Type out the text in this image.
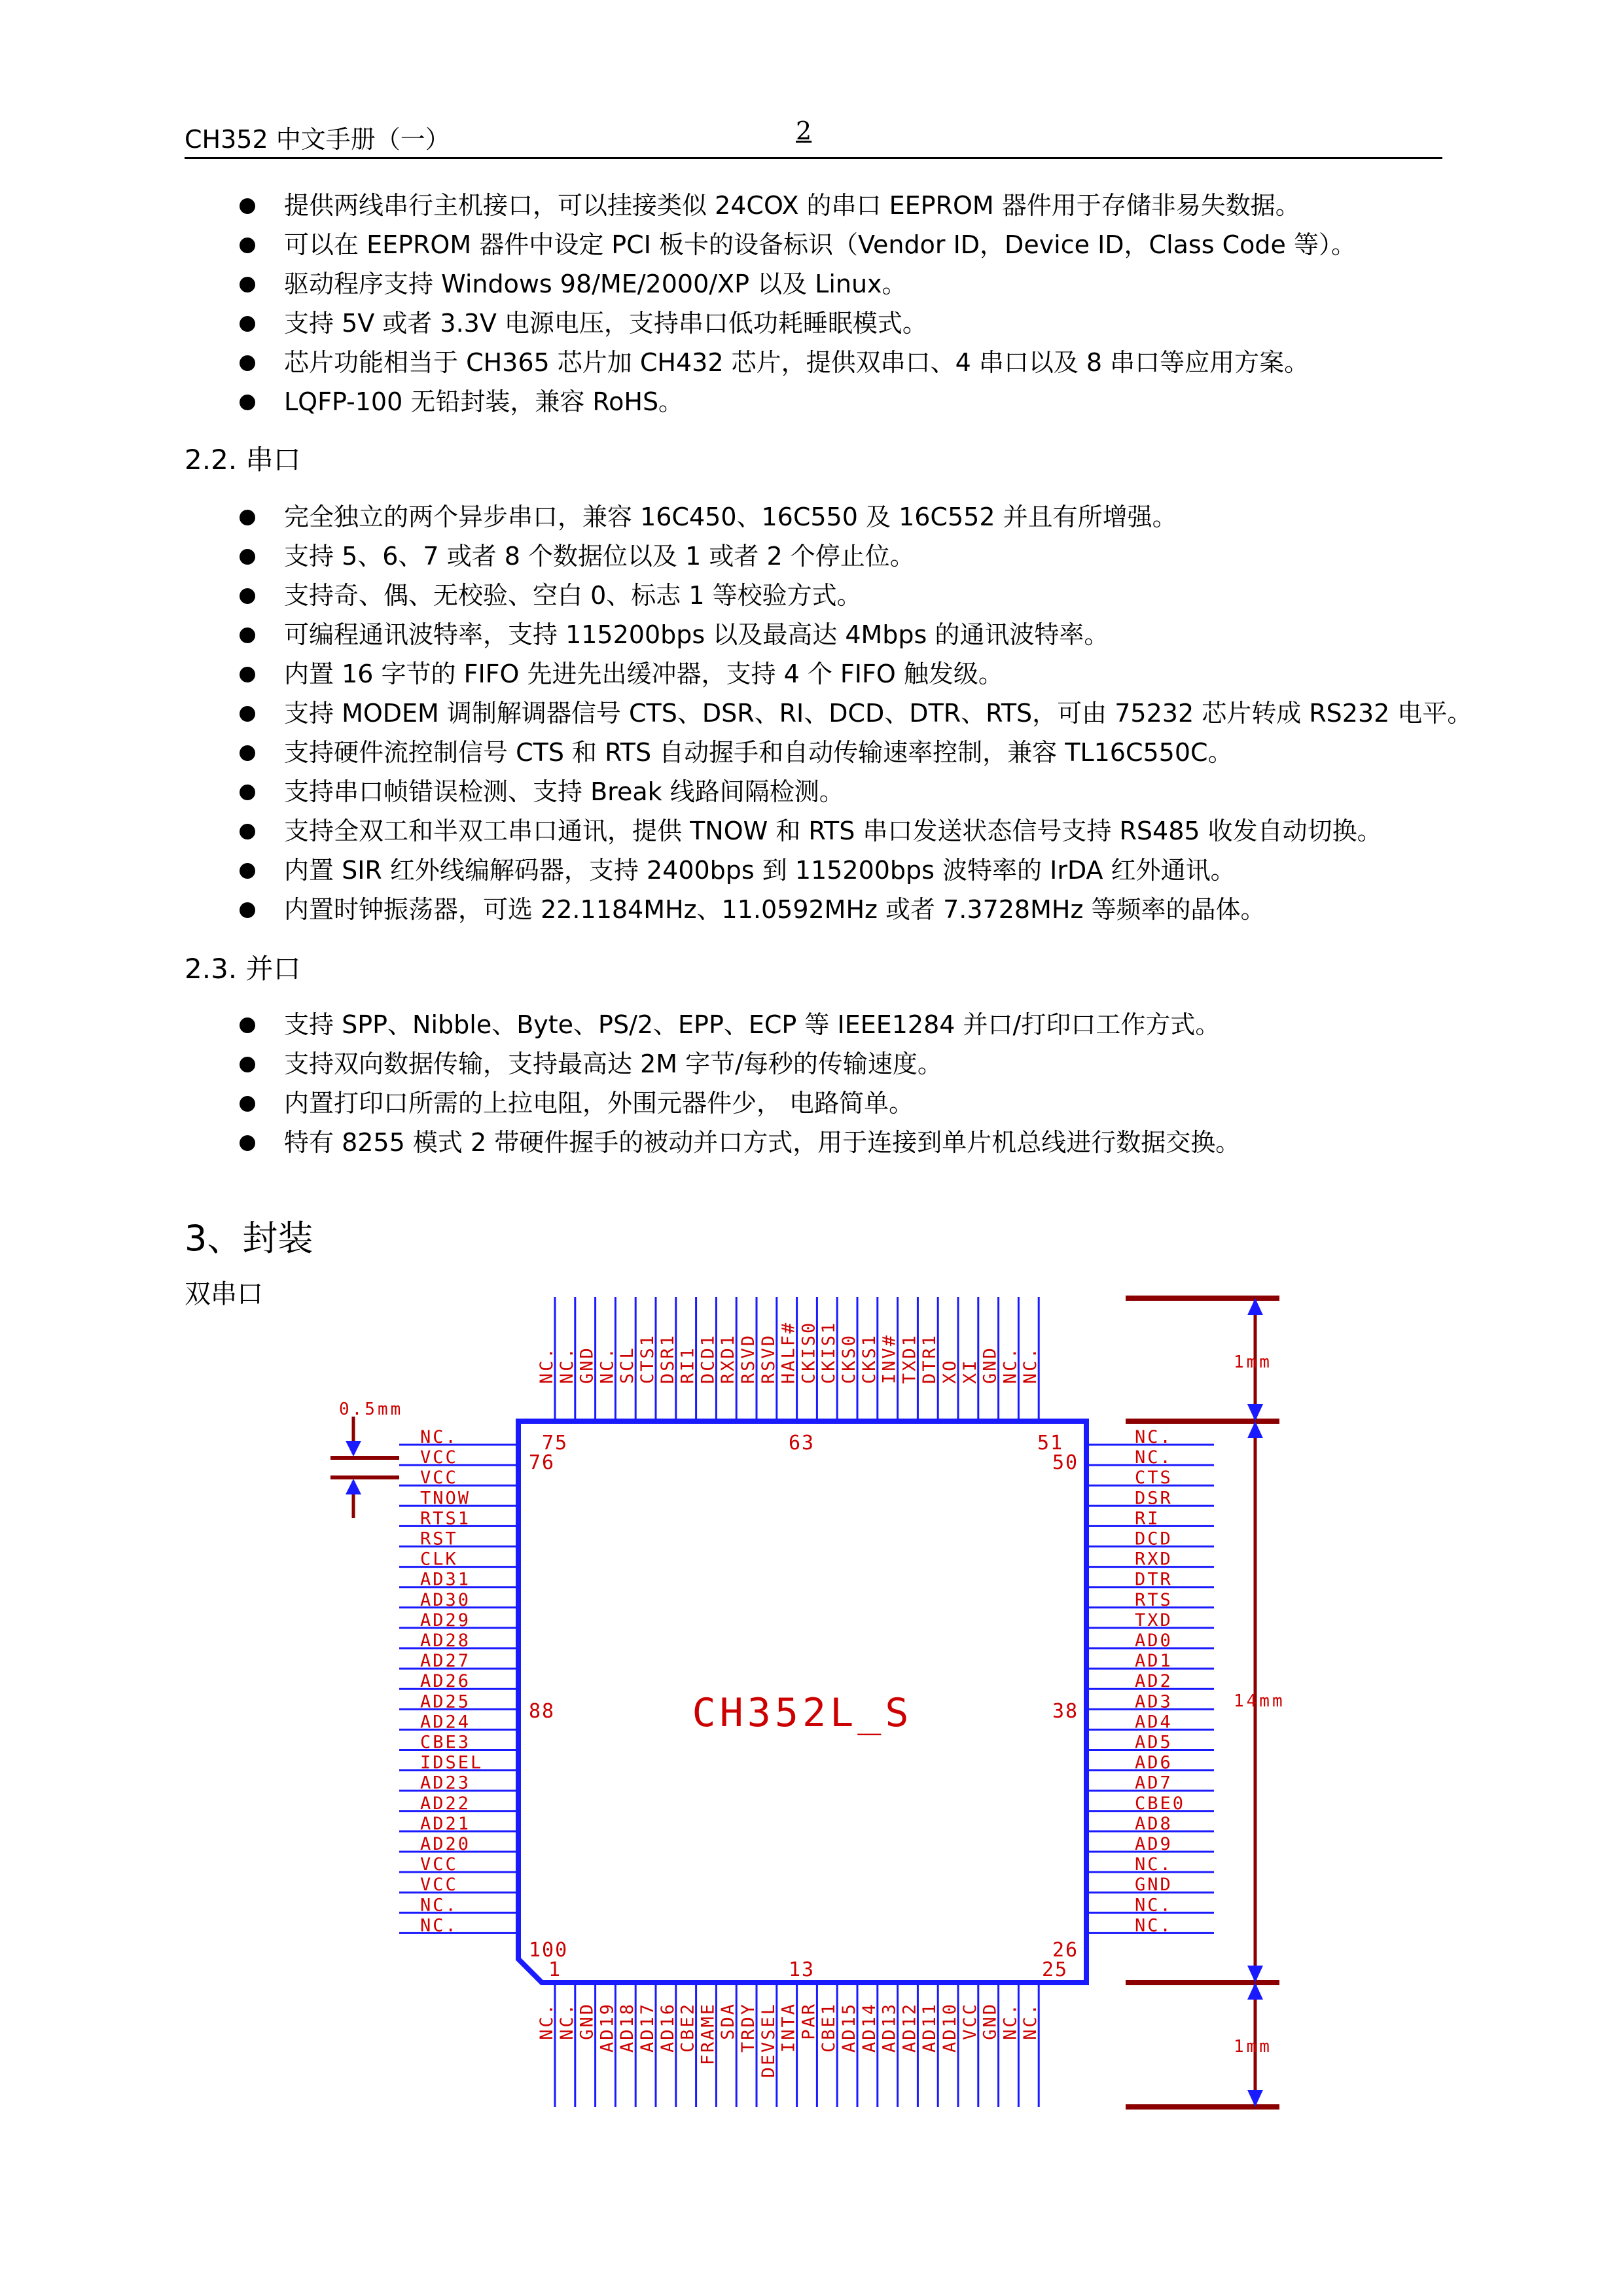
CH352 中文手册（一）	2
提供两线串行主机接口，可以挂接类似 24COX 的串口 EEPROM 器件用于存储非易失数据。
可以在 EEPROM 器件中设定 PCI 板卡的设备标识（Vendor ID，Device ID，Class Code 等）。
驱动程序支持 Windows 98/ME/2000/XP 以及 Linux。
支持 5V 或者 3.3V 电源电压，支持串口低功耗睡眠模式。
芯片功能相当于 CH365 芯片加 CH432 芯片，提供双串口、4 串口以及 8 串口等应用方案。
LQFP-100 无铅封装，兼容 RoHS。
2.2. 串口
完全独立的两个异步串口，兼容 16C450、16C550 及 16C552 并且有所增强。
支持 5、6、7 或者 8 个数据位以及 1 或者 2 个停止位。
支持奇、偶、无校验、空白 0、标志 1 等校验方式。
可编程通讯波特率，支持 115200bps 以及最高达 4Mbps 的通讯波特率。
内置 16 字节的 FIFO 先进先出缓冲器，支持 4 个 FIFO 触发级。
支持 MODEM 调制解调器信号 CTS、DSR、RI、DCD、DTR、RTS，可由 75232 芯片转成 RS232 电平。
支持硬件流控制信号 CTS 和 RTS 自动握手和自动传输速率控制，兼容 TL16C550C。
支持串口帧错误检测、支持 Break 线路间隔检测。
支持全双工和半双工串口通讯，提供 TNOW 和 RTS 串口发送状态信号支持 RS485 收发自动切换。
内置 SIR 红外线编解码器，支持 2400bps 到 115200bps 波特率的 IrDA 红外通讯。
内置时钟振荡器，可选 22.1184MHz、11.0592MHz 或者 7.3728MHz 等频率的晶体。
2.3. 并口
支持 SPP、Nibble、Byte、PS/2、EPP、ECP 等 IEEE1284 并口/打印口工作方式。
支持双向数据传输，支持最高达 2M 字节/每秒的传输速度。
内置打印口所需的上拉电阻，外围元器件少， 电路简单。
特有 8255 模式 2 带硬件握手的被动并口方式，用于连接到单片机总线进行数据交换。
3、封装
双串口
NC.	NC.
VCC	NC.
VCC	CTS
TNOW	DSR
RTS1	RI
RST	DCD
CLK	RXD
AD31	DTR
AD30	RTS
AD29	TXD
AD28	AD0
AD27	AD1
AD26	AD2
AD25	AD3
AD24	AD4
CBE3	AD5
IDSEL	AD6
AD23	AD7
AD22	CBE0
AD21	AD8
AD20	AD9
VCC	NC.
VCC	GND
NC.	NC.
NC.	NC.
NC.
NC.
NC.
NC.
GND
GND
NC.
AD19
SCL
AD18
CTS1
AD17
DSR1
AD16
RI1
CBE2
DCD1
FRAME
RXD1
SDA
RSVD
TRDY
RSVD
DEVSEL
HALF#
INTA
CKIS0
PAR
CKIS1
CBE1
CKS0
AD15
CKS1
AD14
INV#
AD13
TXD1
AD12
DTR1
AD11
XO
AD10
XI
VCC
GND
GND
NC.
NC.
NC.
NC.
75	63	51
76	50
88	38
100	26
1	13	25
CH352L_S
1mm
14mm
1mm
0.5mm
